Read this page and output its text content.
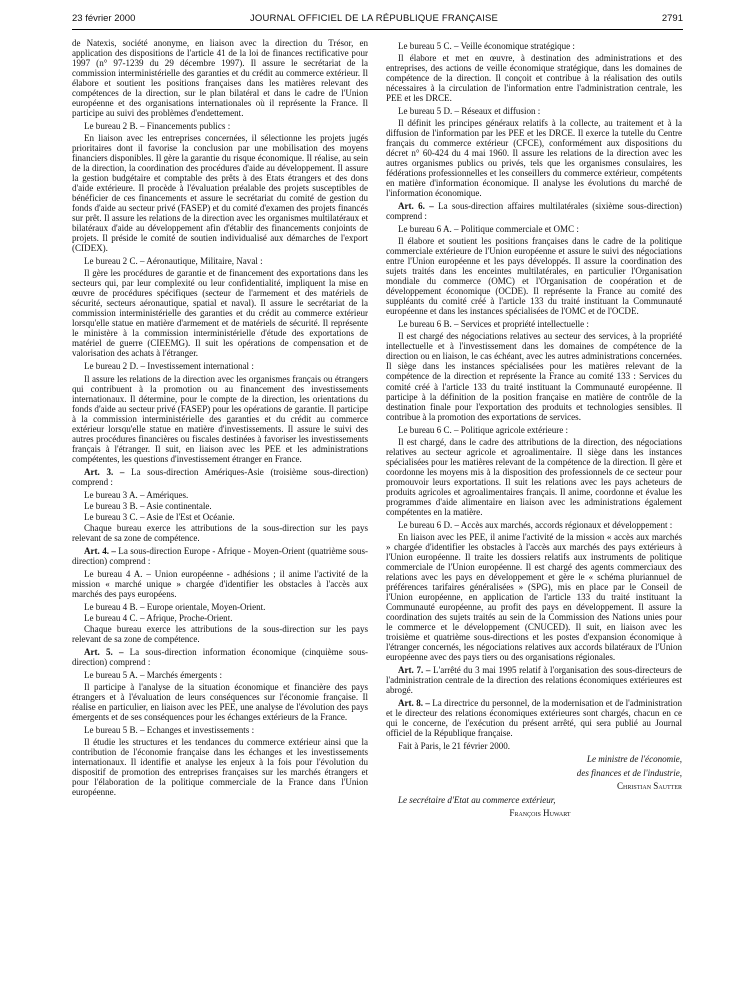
23 février 2000	JOURNAL OFFICIEL DE LA RÉPUBLIQUE FRANÇAISE	2791

de Natexis, société anonyme, en liaison avec la direction du Trésor, en application des dispositions de l'article 41 de la loi de finances rectificative pour 1997 (n° 97-1239 du 29 décembre 1997). Il assure le secrétariat de la commission interministérielle des garanties et du crédit au commerce extérieur. Il élabore et soutient les positions françaises dans les matières relevant des compétences de la direction, sur le plan bilatéral et dans le cadre de l'Union européenne et des organisations internationales où il représente la France. Il participe au suivi des problèmes d'endettement.

Le bureau 2 B. – Financements publics :

En liaison avec les entreprises concernées, il sélectionne les projets jugés prioritaires dont il favorise la conclusion par une mobilisation des moyens financiers disponibles. Il gère la garantie du risque économique. Il réalise, au sein de la direction, la coordination des procédures d'aide au développement. Il assure la gestion budgétaire et comptable des prêts à des Etats étrangers et des dons d'aide extérieure. Il procède à l'évaluation préalable des projets susceptibles de bénéficier de ces financements et assure le secrétariat du comité de gestion du fonds d'aide au secteur privé (FASEP) et du comité d'examen des projets financés sur prêt. Il assure les relations de la direction avec les organismes multilatéraux et bilatéraux d'aide au développement afin d'établir des financements conjoints de projets. Il préside le comité de soutien individualisé aux démarches de l'export (CIDEX).

Le bureau 2 C. – Aéronautique, Militaire, Naval :

Il gère les procédures de garantie et de financement des exportations dans les secteurs qui, par leur complexité ou leur confidentialité, impliquent la mise en œuvre de procédures spécifiques (secteur de l'armement et des matériels de sécurité, secteurs aéronautique, spatial et naval). Il assure le secrétariat de la commission interministérielle des garanties et du crédit au commerce extérieur lorsqu'elle statue en matière d'armement et de matériels de sécurité. Il représente le ministère à la commission interministérielle d'étude des exportations de matériel de guerre (CIEEMG). Il suit les opérations de compensation et de valorisation des achats à l'étranger.

Le bureau 2 D. – Investissement international :

Il assure les relations de la direction avec les organismes français ou étrangers qui contribuent à la promotion ou au financement des investissements internationaux. Il détermine, pour le compte de la direction, les orientations du fonds d'aide au secteur privé (FASEP) pour les opérations de garantie. Il participe à la commission interministérielle des garanties et du crédit au commerce extérieur lorsqu'elle statue en matière d'investissements. Il assure le suivi des autres procédures financières ou fiscales destinées à favoriser les investissements français à l'étranger. Il suit, en liaison avec les PEE et les administrations compétentes, les questions d'investissement étranger en France.

Art. 3. – La sous-direction Amériques-Asie (troisième sous-direction) comprend :

Le bureau 3 A. – Amériques.

Le bureau 3 B. – Asie continentale.

Le bureau 3 C. – Asie de l'Est et Océanie.

Chaque bureau exerce les attributions de la sous-direction sur les pays relevant de sa zone de compétence.

Art. 4. – La sous-direction Europe - Afrique - Moyen-Orient (quatrième sous-direction) comprend :

Le bureau 4 A. – Union européenne - adhésions ; il anime l'activité de la mission « marché unique » chargée d'identifier les obstacles à l'accès aux marchés des pays européens.

Le bureau 4 B. – Europe orientale, Moyen-Orient.

Le bureau 4 C. – Afrique, Proche-Orient.

Chaque bureau exerce les attributions de la sous-direction sur les pays relevant de sa zone de compétence.

Art. 5. – La sous-direction information économique (cinquième sous-direction) comprend :

Le bureau 5 A. – Marchés émergents :

Il participe à l'analyse de la situation économique et financière des pays étrangers et à l'évaluation de leurs conséquences sur l'économie française. Il réalise en particulier, en liaison avec les PEE, une analyse de l'évolution des pays émergents et de ses conséquences pour les échanges extérieurs de la France.

Le bureau 5 B. – Echanges et investissements :

Il étudie les structures et les tendances du commerce extérieur ainsi que la contribution de l'économie française dans les échanges et les investissements internationaux. Il identifie et analyse les enjeux à la fois pour l'évolution du dispositif de promotion des entreprises françaises sur les marchés étrangers et pour l'élaboration de la politique commerciale de la France dans l'Union européenne.

Le bureau 5 C. – Veille économique stratégique :

Il élabore et met en œuvre, à destination des administrations et des entreprises, des actions de veille économique stratégique, dans les domaines de compétence de la direction. Il conçoit et contribue à la réalisation des outils nécessaires à la circulation de l'information entre l'administration centrale, les PEE et les DRCE.

Le bureau 5 D. – Réseaux et diffusion :

Il définit les principes généraux relatifs à la collecte, au traitement et à la diffusion de l'information par les PEE et les DRCE. Il exerce la tutelle du Centre français du commerce extérieur (CFCE), conformément aux dispositions du décret n° 60-424 du 4 mai 1960. Il assure les relations de la direction avec les autres organismes publics ou privés, tels que les organismes consulaires, les fédérations professionnelles et les conseillers du commerce extérieur, compétents en matière d'information économique. Il analyse les évolutions du marché de l'information économique.

Art. 6. – La sous-direction affaires multilatérales (sixième sous-direction) comprend :

Le bureau 6 A. – Politique commerciale et OMC :

Il élabore et soutient les positions françaises dans le cadre de la politique commerciale extérieure de l'Union européenne et assure le suivi des négociations entre l'Union européenne et les pays développés. Il assure la coordination des sujets traités dans les enceintes multilatérales, en particulier l'Organisation mondiale du commerce (OMC) et l'Organisation de coopération et de développement économique (OCDE). Il représente la France au comité des suppléants du comité créé à l'article 133 du traité instituant la Communauté européenne et dans les instances spécialisées de l'OMC et de l'OCDE.

Le bureau 6 B. – Services et propriété intellectuelle :

Il est chargé des négociations relatives au secteur des services, à la propriété intellectuelle et à l'investissement dans les domaines de compétence de la direction ou en liaison, le cas échéant, avec les autres administrations concernées. Il siège dans les instances spécialisées pour les matières relevant de la compétence de la direction et représente la France au comité 133 : Services du comité créé à l'article 133 du traité instituant la Communauté européenne. Il participe à la définition de la position française en matière de contrôle de la destination finale pour l'exportation des produits et technologies sensibles. Il contribue à la promotion des exportations de services.

Le bureau 6 C. – Politique agricole extérieure :

Il est chargé, dans le cadre des attributions de la direction, des négociations relatives au secteur agricole et agroalimentaire. Il siège dans les instances spécialisées pour les matières relevant de la compétence de la direction. Il gère et coordonne les moyens mis à la disposition des professionnels de ce secteur pour promouvoir leurs exportations. Il suit les relations avec les pays acheteurs de produits agricoles et agroalimentaires français. Il anime, coordonne et évalue les programmes d'aide alimentaire en liaison avec les administrations également compétentes en la matière.

Le bureau 6 D. – Accès aux marchés, accords régionaux et développement :

En liaison avec les PEE, il anime l'activité de la mission « accès aux marchés » chargée d'identifier les obstacles à l'accès aux marchés des pays extérieurs à l'Union européenne. Il traite les dossiers relatifs aux instruments de politique commerciale de l'Union européenne. Il est chargé des agents commerciaux des relations avec les pays en développement et gère le « schéma pluriannuel de préférences tarifaires généralisées » (SPG), mis en place par le Conseil de l'Union européenne, en application de l'article 133 du traité instituant la Communauté européenne, au profit des pays en développement. Il assure la coordination des sujets traités au sein de la Commission des Nations unies pour le commerce et le développement (CNUCED). Il suit, en liaison avec les troisième et quatrième sous-directions et les postes d'expansion économique à l'étranger concernés, les négociations relatives aux accords bilatéraux de l'Union européenne avec des pays tiers ou des organisations régionales.

Art. 7. – L'arrêté du 3 mai 1995 relatif à l'organisation des sous-directeurs de l'administration centrale de la direction des relations économiques extérieures est abrogé.

Art. 8. – La directrice du personnel, de la modernisation et de l'administration et le directeur des relations économiques extérieures sont chargés, chacun en ce qui le concerne, de l'exécution du présent arrêté, qui sera publié au Journal officiel de la République française.

Fait à Paris, le 21 février 2000.

Le ministre de l'économie,

des finances et de l'industrie,

Christian Sautter

Le secrétaire d'Etat au commerce extérieur,

François Huwart
